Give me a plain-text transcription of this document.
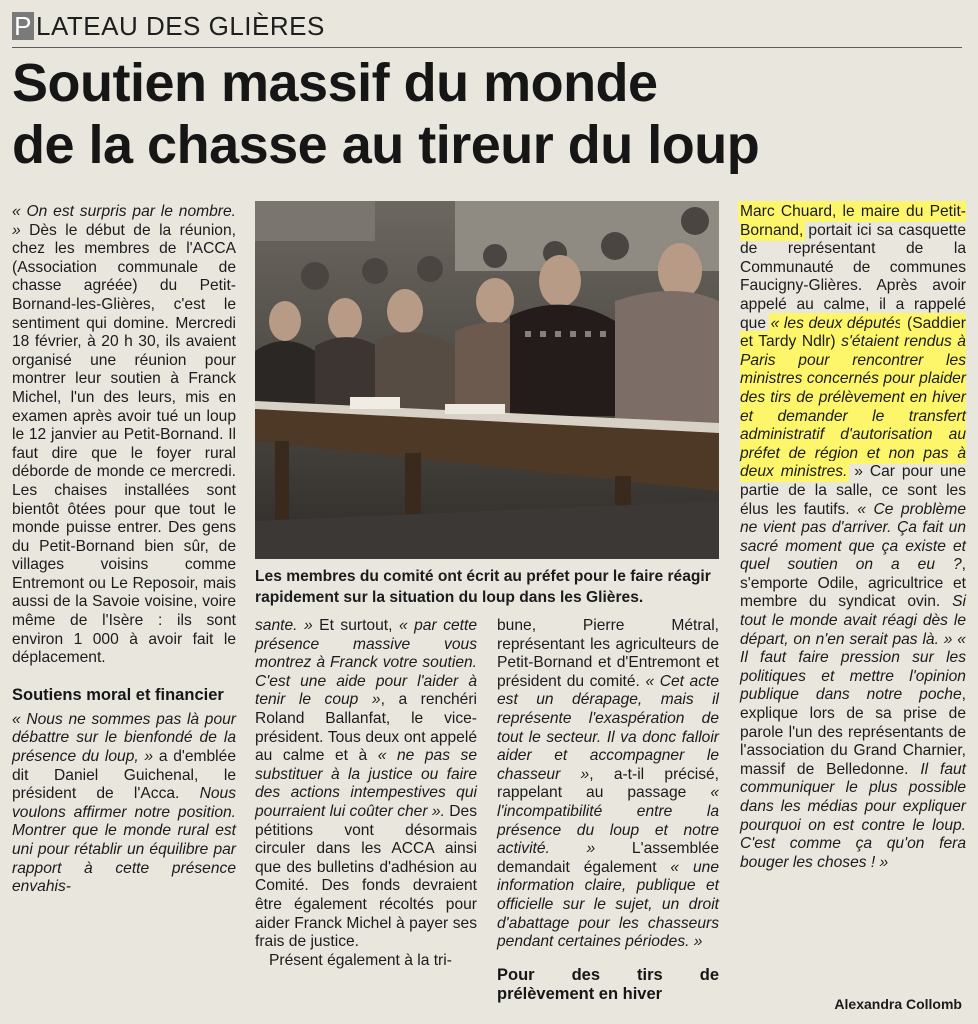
P LATEAU DES GLIÈRES
Soutien massif du monde
de la chasse au tireur du loup

« On est surpris par le nombre. » Dès le début de la réunion, chez les membres de l'ACCA (Association communale de chasse agréée) du Petit-Bornand-les-Glières, c'est le sentiment qui domine. Mercredi 18 février, à 20 h 30, ils avaient organisé une réunion pour montrer leur soutien à Franck Michel, l'un des leurs, mis en examen après avoir tué un loup le 12 janvier au Petit-Bornand. Il faut dire que le foyer rural déborde de monde ce mercredi. Les chaises installées sont bientôt ôtées pour que tout le monde puisse entrer. Des gens du Petit-Bornand bien sûr, de villages voisins comme Entremont ou Le Reposoir, mais aussi de la Savoie voisine, voire même de l'Isère : ils sont environ 1 000 à avoir fait le déplacement.

Soutiens moral et financier

« Nous ne sommes pas là pour débattre sur le bienfondé de la présence du loup, » a d'emblée dit Daniel Guichenal, le président de l'Acca. Nous voulons affirmer notre position. Montrer que le monde rural est uni pour rétablir un équilibre par rapport à cette présence envahis-

Les membres du comité ont écrit au préfet pour le faire réagir rapidement sur la situation du loup dans les Glières.

sante. » Et surtout, « par cette présence massive vous montrez à Franck votre soutien. C'est une aide pour l'aider à tenir le coup », a renchéri Roland Ballanfat, le vice-président. Tous deux ont appelé au calme et à « ne pas se substituer à la justice ou faire des actions intempestives qui pourraient lui coûter cher ». Des pétitions vont désormais circuler dans les ACCA ainsi que des bulletins d'adhésion au Comité. Des fonds devraient être également récoltés pour aider Franck Michel à payer ses frais de justice.

Présent également à la tri-

bune, Pierre Métral, représentant les agriculteurs de Petit-Bornand et d'Entremont et président du comité. « Cet acte est un dérapage, mais il représente l'exaspération de tout le secteur. Il va donc falloir aider et accompagner le chasseur », a-t-il précisé, rappelant au passage « l'incompatibilité entre la présence du loup et notre activité. » L'assemblée demandait également « une information claire, publique et officielle sur le sujet, un droit d'abattage pour les chasseurs pendant certaines périodes. »

Pour des tirs de prélèvement en hiver

Marc Chuard, le maire du Petit-Bornand, portait ici sa casquette de représentant de la Communauté de communes Faucigny-Glières. Après avoir appelé au calme, il a rappelé que « les deux députés (Saddier et Tardy Ndlr) s'étaient rendus à Paris pour rencontrer les ministres concernés pour plaider des tirs de prélèvement en hiver et demander le transfert administratif d'autorisation au préfet de région et non pas à deux ministres. » Car pour une partie de la salle, ce sont les élus les fautifs. « Ce problème ne vient pas d'arriver. Ça fait un sacré moment que ça existe et quel soutien on a eu ?, s'emporte Odile, agricultrice et membre du syndicat ovin. Si tout le monde avait réagi dès le départ, on n'en serait pas là. » « Il faut faire pression sur les politiques et mettre l'opinion publique dans notre poche, explique lors de sa prise de parole l'un des représentants de l'association du Grand Charnier, massif de Belledonne. Il faut communiquer le plus possible dans les médias pour expliquer pourquoi on est contre le loup. C'est comme ça qu'on fera bouger les choses ! »

Alexandra Collomb
